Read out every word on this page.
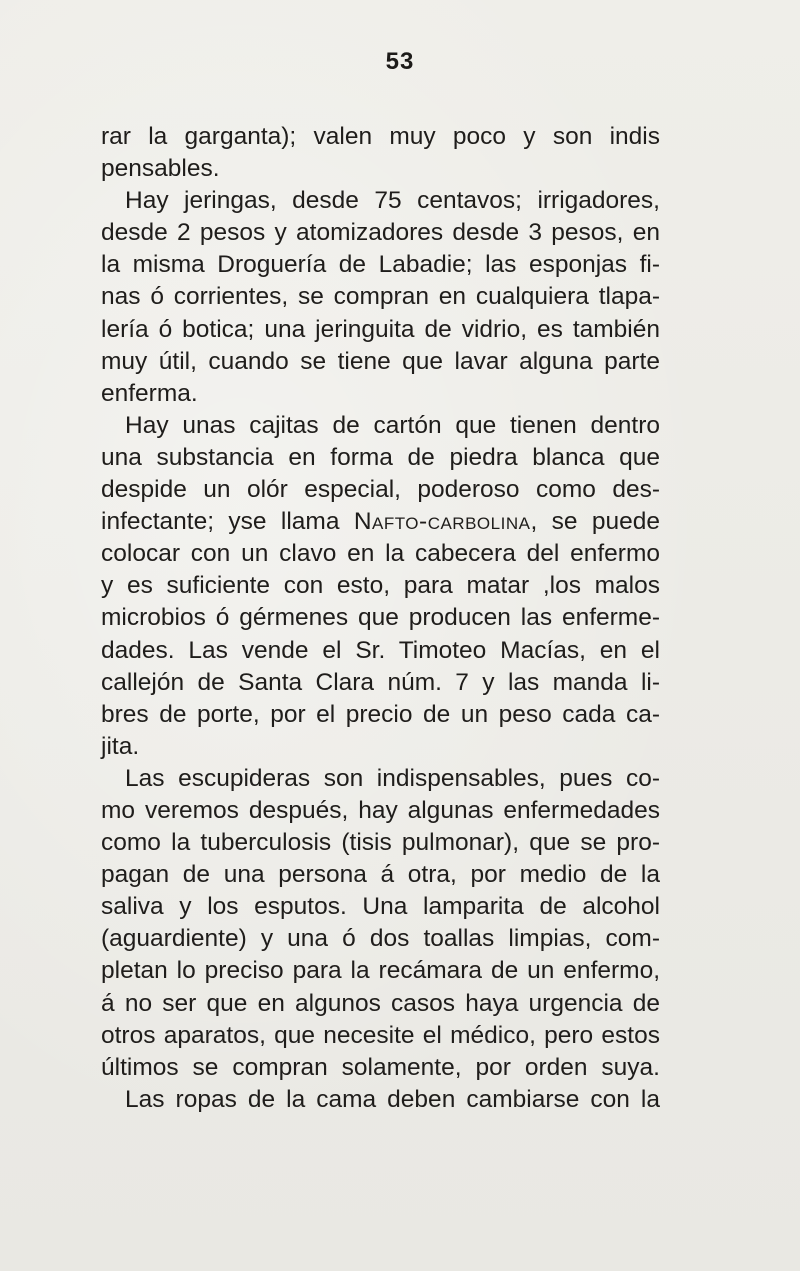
53
rar la garganta); valen muy poco y son indis
pensables.
Hay jeringas, desde 75 centavos; irrigadores,
desde 2 pesos y atomizadores desde 3 pesos, en
la misma Droguería de Labadie; las esponjas fi-
nas ó corrientes, se compran en cualquiera tlapa-
lería ó botica; una jeringuita de vidrio, es también
muy útil, cuando se tiene que lavar alguna parte
enferma.
Hay unas cajitas de cartón que tienen dentro
una substancia en forma de piedra blanca que
despide un olór especial, poderoso como des-
infectante; yse llama Nafto-carbolina, se puede
colocar con un clavo en la cabecera del enfermo
y es suficiente con esto, para matar ,los malos
microbios ó gérmenes que producen las enferme-
dades. Las vende el Sr. Timoteo Macías, en el
callejón de Santa Clara núm. 7 y las manda li-
bres de porte, por el precio de un peso cada ca-
jita.
Las escupideras son indispensables, pues co-
mo veremos después, hay algunas enfermedades
como la tuberculosis (tisis pulmonar), que se pro-
pagan de una persona á otra, por medio de la
saliva y los esputos. Una lamparita de alcohol
(aguardiente) y una ó dos toallas limpias, com-
pletan lo preciso para la recámara de un enfermo,
á no ser que en algunos casos haya urgencia de
otros aparatos, que necesite el médico, pero estos
últimos se compran solamente, por orden suya.
Las ropas de la cama deben cambiarse con la
